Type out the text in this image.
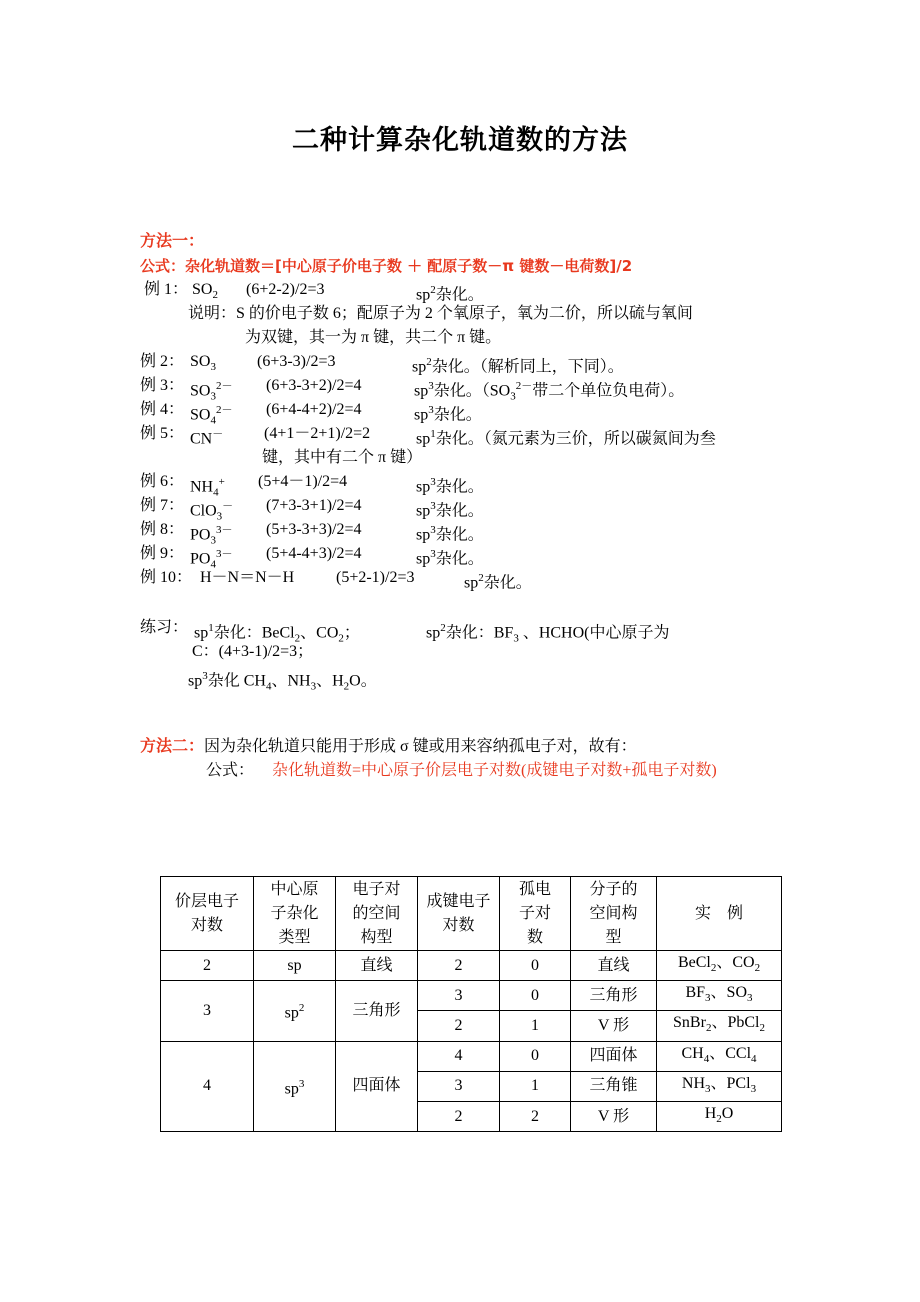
二种计算杂化轨道数的方法
方法一：
公式：杂化轨道数＝[中心原子价电子数 ＋ 配原子数－π 键数－电荷数]/2
例 1： $SO_2$ (6+2-2)/2=3	$sp^2$杂化。
说明：S 的价电子数 6；配原子为 2 个氧原子，氧为二价，所以硫与氧间
为双键，其一为 π 键，共二个 π 键。
例 2： $SO_3$	(6+3-3)/2=3	$sp^2$杂化。（解析同上，下同）。
例 3： $SO_3^{2-}$ (6+3-3+2)/2=4	$sp^3$杂化。（$SO_3^{2-}$带二个单位负电荷）。
例 4： $SO_4^{2-}$ (6+4-4+2)/2=4	$sp^3$杂化。
例 5： CN－	(4+1－2+1)/2=2	$sp^1$杂化。（氮元素为三价，所以碳氮间为叁
键，其中有二个 π 键）
例 6： $NH_4^+$ (5+4－1)/2=4	$sp^3$杂化。
例 7： ClO$_3$－ (7+3-3+1)/2=4	$sp^3$杂化。
例 8： $PO_3^{3-}$ (5+3-3+3)/2=4	$sp^3$杂化。
例 9： $PO_4^{3-}$ (5+4-4+3)/2=4	$sp^3$杂化。
例 10： H－N＝N－H	(5+2-1)/2=3	$sp^2$杂化。
练习： $sp^1$杂化：BeCl$_2$、$CO_2$；	$sp^2$杂化：$BF_3$ 、HCHO(中心原子为
C：(4+3-1)/2=3；
$sp^3$杂化 $CH_4$、$NH_3$、$H_2O$。
方法二：因为杂化轨道只能用于形成 σ 键或用来容纳孤电子对，故有：
公式： 杂化轨道数=中心原子价层电子对数(成键电子对数+孤电子对数)
价层电子对数	中心原子杂化类型	电子对的空间构型	成键电子对数	孤电子对数	分子的空间构型	实　例
2	sp	直线	2	0	直线	BeCl$_2$、$CO_2$
3	$sp^2$	三角形	3	0	三角形	$BF_3$、$SO_3$
			2	1	V 形	SnBr$_2$、PbCl$_2$
4	$sp^3$	四面体	4	0	四面体	$CH_4$、CCl$_4$
			3	1	三角锥	$NH_3$、PCl$_3$
			2	2	V 形	$H_2O$
